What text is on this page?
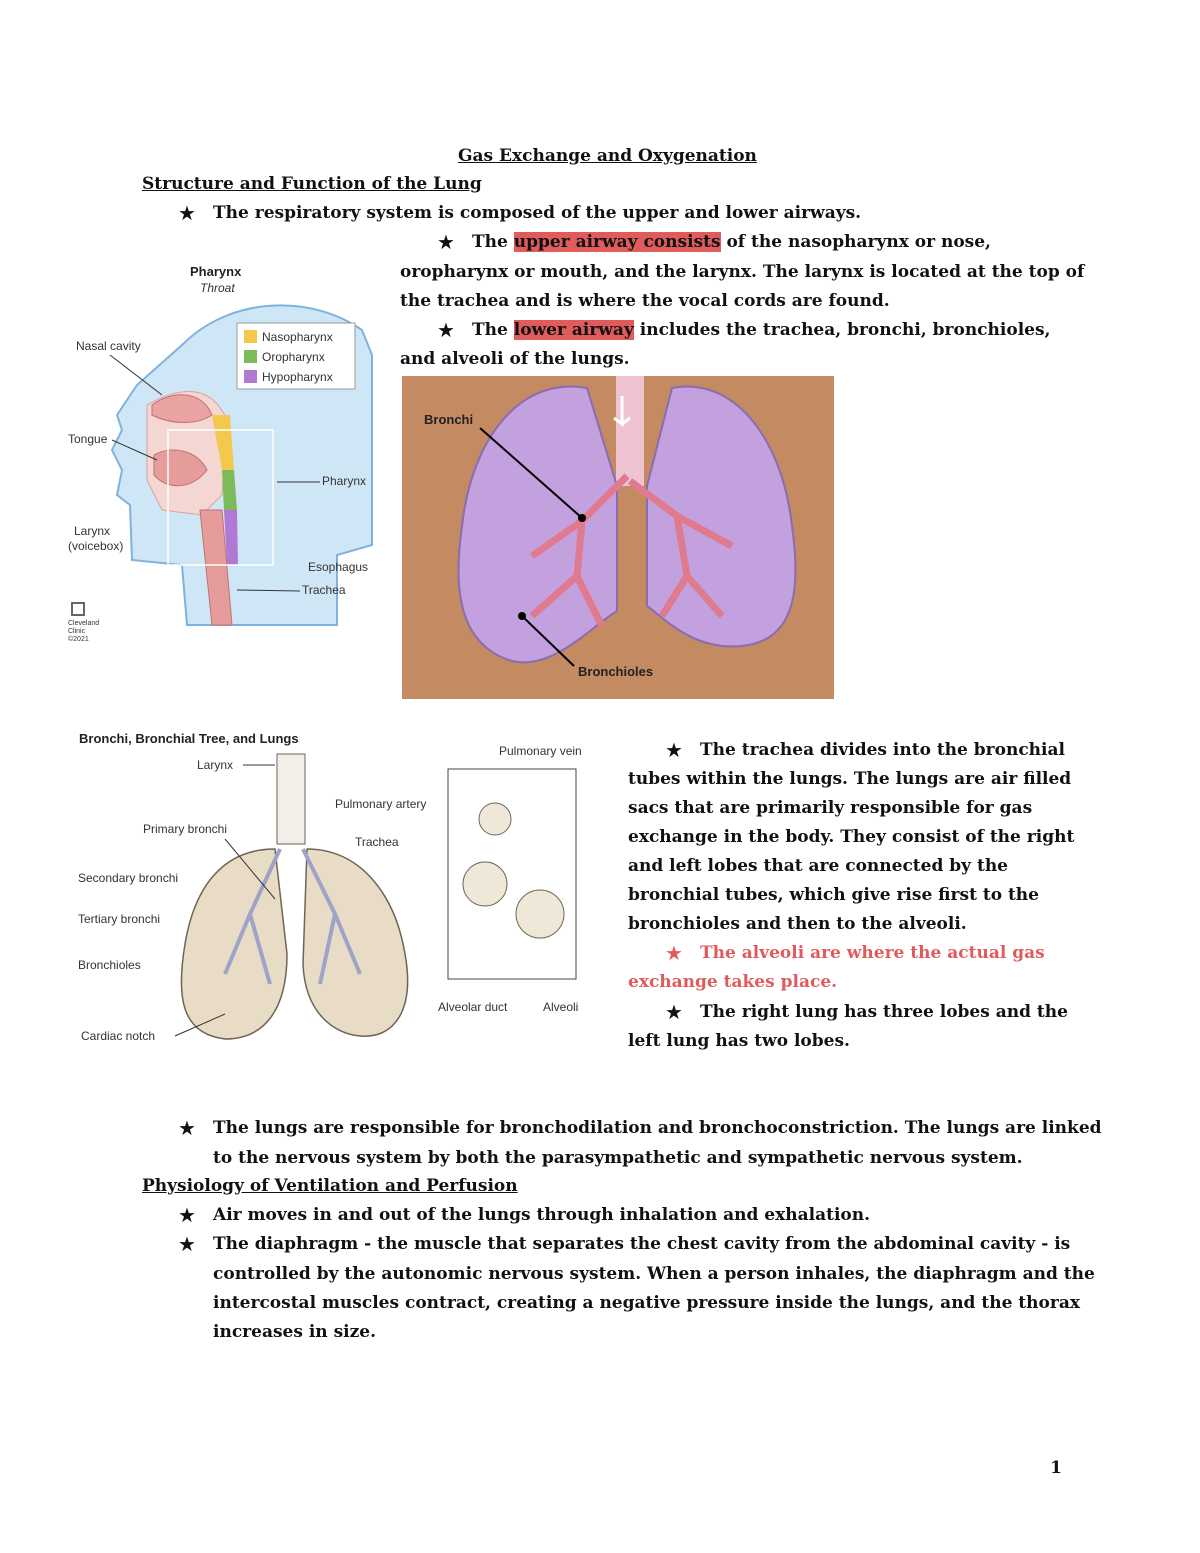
Gas Exchange and Oxygenation
Structure and Function of the Lung
★ The respiratory system is composed of the upper and lower airways.
★ The upper airway consists of the nasopharynx or nose,
oropharynx or mouth, and the larynx. The larynx is located at the top of
the trachea and is where the vocal cords are found.
★ The lower airway includes the trachea, bronchi, bronchioles,
and alveoli of the lungs.
Nasopharynx
Oropharynx
Hypopharynx
Pharynx
Throat
Nasal cavity
Tongue
Larynx
(voicebox)
Pharynx
Esophagus
Trachea
Cleveland
Clinic
©2021
Bronchi
Bronchioles
Bronchi, Bronchial Tree, and Lungs
Larynx
Pulmonary artery
Pulmonary vein
Primary bronchi
Trachea
Secondary bronchi
Tertiary bronchi
Bronchioles
Cardiac notch
Alveolar duct	Alveoli
★ The trachea divides into the bronchial
tubes within the lungs. The lungs are air filled
sacs that are primarily responsible for gas
exchange in the body. They consist of the right
and left lobes that are connected by the
bronchial tubes, which give rise first to the
bronchioles and then to the alveoli.
★ The alveoli are where the actual gas
exchange takes place.
★ The right lung has three lobes and the
left lung has two lobes.
★ The lungs are responsible for bronchodilation and bronchoconstriction. The lungs are linked
to the nervous system by both the parasympathetic and sympathetic nervous system.
Physiology of Ventilation and Perfusion
★ Air moves in and out of the lungs through inhalation and exhalation.
★ The diaphragm - the muscle that separates the chest cavity from the abdominal cavity - is
controlled by the autonomic nervous system. When a person inhales, the diaphragm and the
intercostal muscles contract, creating a negative pressure inside the lungs, and the thorax
increases in size.
1
